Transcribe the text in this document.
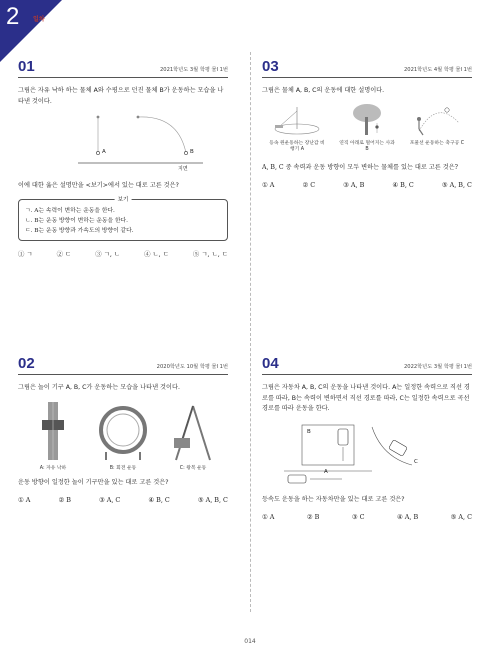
2 일차
01	2021학년도 3월 학평 물Ⅰ 1번
그림은 자유 낙하 하는 물체 A와 수평으로 던진 물체 B가 운동하는 모습을 나타낸 것이다.
A	B
지면
이에 대한 옳은 설명만을 <보기>에서 있는 대로 고른 것은?
보기
ㄱ. A는 속력이 변하는 운동을 한다.
ㄴ. B는 운동 방향이 변하는 운동을 한다.
ㄷ. B는 운동 방향과 가속도의 방향이 같다.
① ㄱ	② ㄷ	③ ㄱ, ㄴ	④ ㄴ, ㄷ	⑤ ㄱ, ㄴ, ㄷ
03	2021학년도 4월 학평 물Ⅰ 1번
그림은 물체 A, B, C의 운동에 대한 설명이다.
등속 원운동하는 장난감 비행기 A
연직 아래로 떨어지는 사과 B
포물선 운동하는 축구공 C
A, B, C 중 속력과 운동 방향이 모두 변하는 물체를 있는 대로 고른 것은?
① A	② C	③ A, B	④ B, C	⑤ A, B, C
02	2020학년도 10월 학평 물Ⅰ 1번
그림은 놀이 기구 A, B, C가 운동하는 모습을 나타낸 것이다.
A: 자유 낙하	B: 회전 운동	C: 왕복 운동
운동 방향이 일정한 놀이 기구만을 있는 대로 고른 것은?
① A	② B	③ A, C	④ B, C	⑤ A, B, C
04	2022학년도 3월 학평 물Ⅰ 1번
그림은 자동차 A, B, C의 운동을 나타낸 것이다. A는 일정한 속력으로 직선 경로를 따라, B는 속력이 변하면서 직선 경로를 따라, C는 일정한 속력으로 곡선 경로를 따라 운동을 한다.
B
C
A
등속도 운동을 하는 자동차만을 있는 대로 고른 것은?
① A	② B	③ C	④ A, B	⑤ A, C
014
